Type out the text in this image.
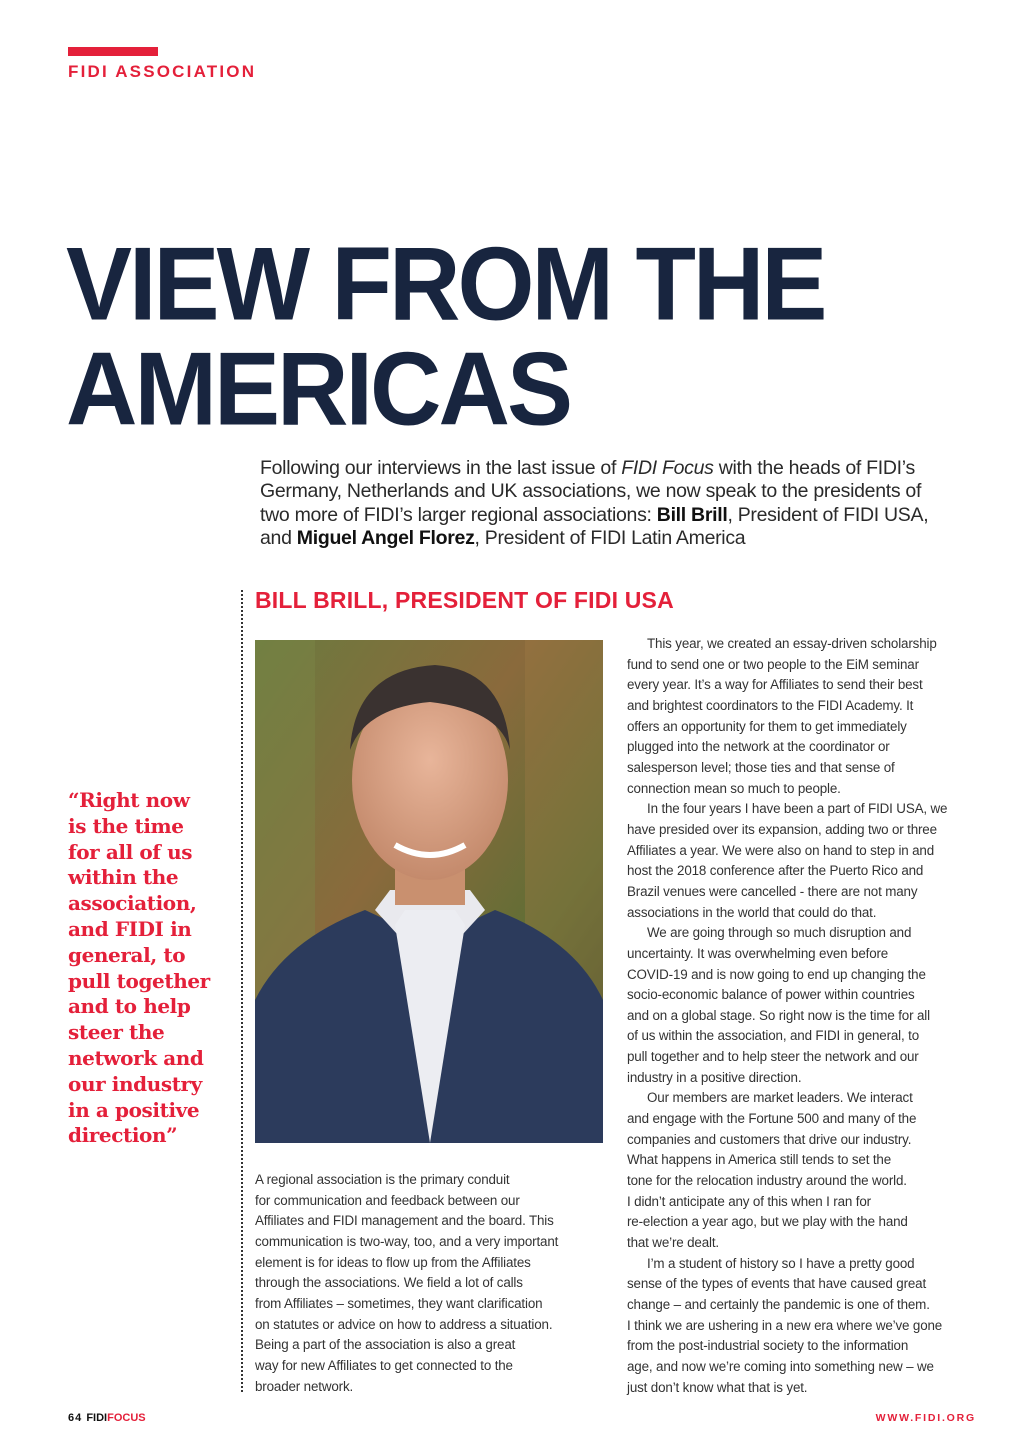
FIDI ASSOCIATION
VIEW FROM THE
AMERICAS
Following our interviews in the last issue of FIDI Focus with the heads of FIDI’s
Germany, Netherlands and UK associations, we now speak to the presidents of
two more of FIDI’s larger regional associations: Bill Brill, President of FIDI USA,
and Miguel Angel Florez, President of FIDI Latin America
BILL BRILL, PRESIDENT OF FIDI USA
“Right now
is the time
for all of us
within the
association,
and FIDI in
general, to
pull together
and to help
steer the
network and
our industry
in a positive
direction”
A regional association is the primary conduit
for communication and feedback between our
Affiliates and FIDI management and the board. This
communication is two-way, too, and a very important
element is for ideas to flow up from the Affiliates
through the associations. We field a lot of calls
from Affiliates – sometimes, they want clarification
on statutes or advice on how to address a situation.
Being a part of the association is also a great
way for new Affiliates to get connected to the
broader network.
This year, we created an essay-driven scholarship
fund to send one or two people to the EiM seminar
every year. It’s a way for Affiliates to send their best
and brightest coordinators to the FIDI Academy. It
offers an opportunity for them to get immediately
plugged into the network at the coordinator or
salesperson level; those ties and that sense of
connection mean so much to people.
In the four years I have been a part of FIDI USA, we
have presided over its expansion, adding two or three
Affiliates a year. We were also on hand to step in and
host the 2018 conference after the Puerto Rico and
Brazil venues were cancelled - there are not many
associations in the world that could do that.
We are going through so much disruption and
uncertainty. It was overwhelming even before
COVID-19 and is now going to end up changing the
socio-economic balance of power within countries
and on a global stage. So right now is the time for all
of us within the association, and FIDI in general, to
pull together and to help steer the network and our
industry in a positive direction.
Our members are market leaders. We interact
and engage with the Fortune 500 and many of the
companies and customers that drive our industry.
What happens in America still tends to set the
tone for the relocation industry around the world.
I didn’t anticipate any of this when I ran for
re-election a year ago, but we play with the hand
that we’re dealt.
I’m a student of history so I have a pretty good
sense of the types of events that have caused great
change – and certainly the pandemic is one of them.
I think we are ushering in a new era where we’ve gone
from the post-industrial society to the information
age, and now we’re coming into something new – we
just don’t know what that is yet.
64 FIDIFOCUS	WWW.FIDI.ORG
